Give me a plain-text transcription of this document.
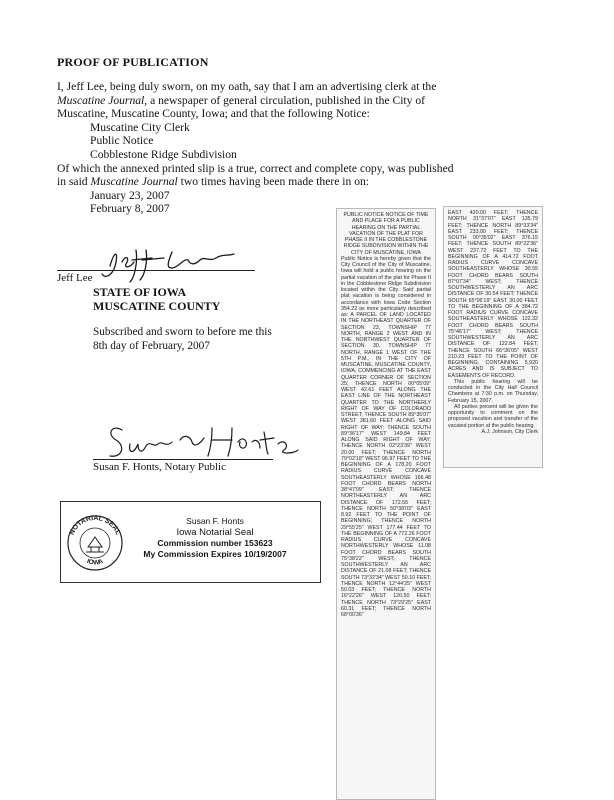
PROOF OF PUBLICATION

I, Jeff Lee, being duly sworn, on my oath, say that I am an advertising clerk at the

Muscatine Journal, a newspaper of general circulation, published in the City of

Muscatine, Muscatine County, Iowa; and that the following Notice:

Muscatine City Clerk

Public Notice

Cobblestone Ridge Subdivision

Of which the annexed printed slip is a true, correct and complete copy, was published

in said Muscatine Journal two times having been made there in on:

January 23, 2007

February 8, 2007

Jeff Lee
STATE OF IOWA
MUSCATINE COUNTY
Subscribed and sworn to before me this
8th day of February, 2007
Susan F. Honts, Notary Public
NOTARIAL SEAL
IOWA
Susan F. Honts
Iowa Notarial Seal
Commission number 153623
My Commission Expires 10/19/2007

PUBLIC NOTICE NOTICE OF TIME AND PLACE FOR A PUBLIC HEARING ON THE PARTIAL VACATION OF THE PLAT FOR PHASE II IN THE COBBLESTONE RIDGE SUBDIVISION WITHIN THE CITY OF MUSCATINE, IOWA

Public Notice is hereby given that the City Council of the City of Muscatine, Iowa will hold a public hearing on the partial vacation of the plat for Phase II in the Cobblestone Ridge Subdivision located within the City. Said partial plat vacation is being considered in accordance with Iowa Code Section 354.22 as more particularly described as: A PARCEL OF LAND LOCATED IN THE NORTHEAST QUARTER OF SECTION 23, TOWNSHIP 77 NORTH, RANGE 2 WEST AND IN THE NORTHWEST QUARTER OF SECTION 30, TOWNSHIP 77 NORTH, RANGE 1 WEST OF THE 5TH P.M., IN THE CITY OF MUSCATINE, MUSCATINE COUNTY, IOWA, COMMENCING AT THE EAST QUARTER CORNER OF SECTION 25; THENCE NORTH 00°05'09" WEST 42.61 FEET ALONG THE EAST LINE OF THE NORTHEAST QUARTER TO THE NORTHERLY RIGHT OF WAY OF COLORADO STREET; THENCE SOUTH 89°35'07" WEST 381.60 FEET ALONG SAID RIGHT OF WAY; THENCE SOUTH 89°36'17" WEST 149.84 FEET ALONG SAID RIGHT OF WAY; THENCE NORTH 02°23'39" WEST 20.00 FEET; THENCE NORTH 79°02'18" WEST 96.97 FEET TO THE BEGINNING OF A 178.20 FOOT RADIUS CURVE CONCAVE SOUTHEASTERLY WHOSE 166.48 FOOT CHORD BEARS NORTH 38°47'09" EAST; THENCE NORTHEASTERLY AN ARC DISTANCE OF 172.55 FEET; THENCE NORTH 50°38'03" EAST 8.92 FEET TO THE POINT OF BEGINNING; THENCE NORTH 29°55'25" WEST 177.44 FEET TO THE BEGINNING OF A 772.26 FOOT RADIUS CURVE CONCAVE NORTHWESTERLY WHOSE 11.08 FOOT CHORD BEARS SOUTH 75°38'22" WEST; THENCE SOUTHWESTERLY AN ARC DISTANCE OF 21.08 FEET; THENCE SOUTH 73°32'34" WEST 50.10 FEET; THENCE NORTH 12°44'25" WEST 50.03 FEET; THENCE NORTH 16°22'26" WEST 120.50 FEET; THENCE NORTH 73°29'25" EAST 60.31 FEET; THENCE NORTH 68°00'36"

EAST 420.00 FEET; THENCE NORTH 31°37'07" EAST 135.79 FEET; THENCE NORTH 89°33'34" EAST 233.00 FEET; THENCE SOUTH 00°35'02" EAST 376.15 FEET; THENCE SOUTH 89°22'36" WEST 237.72 FEET TO THE BEGINNING OF A 414.72 FOOT RADIUS CURVE CONCAVE SOUTHEASTERLY WHOSE 30.55 FOOT CHORD BEARS SOUTH 87°07'34" WEST; THENCE SOUTHWESTERLY AN ARC DISTANCE OF 30.54 FEET; THENCE SOUTH 65°06'19" EAST 30.00 FEET TO THE BEGINNING OF A 384.72 FOOT RADIUS CURVE CONCAVE SOUTHEASTERLY WHOSE 122.32 FOOT CHORD BEARS SOUTH 75°46'17" WEST; THENCE SOUTHWESTERLY AN ARC DISTANCE OF 122.84 FEET; THENCE SOUTH 66°36'05" WEST 210.23 FEET TO THE POINT OF BEGINNING, CONTAINING 5.920 ACRES AND IS SUBJECT TO EASEMENTS OF RECORD.

This public hearing will be conducted in the City Hall Council Chambers at 7:30 p.m. on Thursday, February 15, 2007.

All parties present will be given the opportunity to comment on the proposed vacation and transfer of the vacated portion at the public hearing.

A.J. Johnson, City Clerk
